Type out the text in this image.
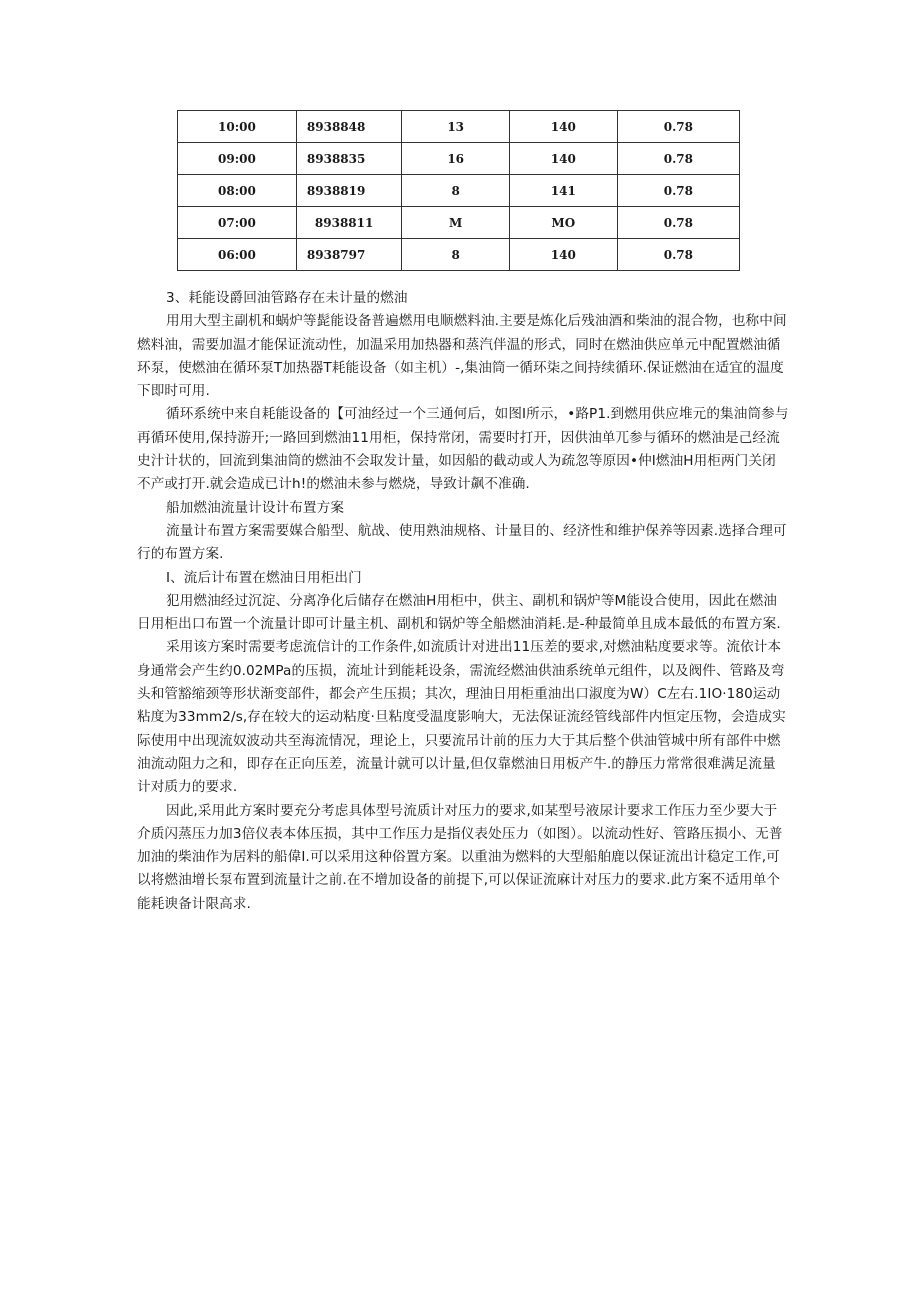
10:00	8938848	13	140	0.78
09:00	8938835	16	140	0.78
08:00	8938819	8	141	0.78
07:00	8938811	M	MO	0.78
06:00	8938797	8	140	0.78

3、耗能设爵回油管路存在未计量的燃油

用用大型主副机和蜗炉等髭能设备普遍燃用电顺燃料油.主要是炼化后残油酒和柴油的混合物，也称中间燃料油，需要加温才能保证流动性，加温采用加热器和蒸汽伴温的形式，同时在燃油供应单元中配置燃油循环泵，使燃油在循环泵T加热器T耗能设备（如主机）-,集油筒一循环柒之间持续循环.保证燃油在适宜的温度下即时可用.

循环系统中来自耗能设备的【可油经过一个三通何后，如图I所示，•路P1.到燃用供应堆元的集油筒参与再循环使用,保持游开;一路回到燃油11用柜，保持常闭，需要时打开，因供油单兀参与循环的燃油是己经流史汁计状的，回流到集油筒的燃油不会取发计量，如因船的截动或人为疏忽等原因•仲I燃油H用柜两门关闭不产或打开.就会造成已计h!的燃油未参与燃烧，导致计飙不准确.

船加燃油流量计设计布置方案

流量计布置方案需要媒合船型、航战、使用熟油规格、计量目的、经济性和维护保养等因素.选择合理可行的布置方案.

I、流后计布置在燃油日用柜出门

犯用燃油经过沉淀、分离净化后储存在燃油H用柜中，供主、副机和锅炉等M能设合使用，因此在燃油日用柜出口布置一个流量计即可计量主机、副机和锅炉等全船燃油消耗.是-种最简单且成本最低的布置方案.

采用该方案时需要考虑流信计的工作条件,如流质计对进出11压差的要求,对燃油粘度要求等。流依计本身通常会产生约0.02MPa的压损，流址计到能耗设条，需流经燃油供油系统单元组件，以及阀件、管路及弯头和管豁缩颈等形状渐变部件，都会产生压损；其次，理油日用柜重油出口淑度为W）C左右.1IO·180运动粘度为33mm2∕s,存在较大的运动粘度·旦粘度受温度影响大，无法保证流经管线部件内恒定压物，会造成实际使用中出现流奴波动共至海流情况，理论上，只要流吊计前的压力大于其后整个供油管城中所有部件中燃油流动阻力之和，即存在正向压差，流量计就可以计量,但仅靠燃油日用板产牛.的静压力常常很难满足流量计对质力的要求.

因此,采用此方案时要充分考虑具体型号流质计对压力的要求,如某型号液尿计要求工作压力至少要大于介质闪蒸压力加3倍仪表本体压损，其中工作压力是指仪表处压力（如图）。以流动性好、管路压损小、无普加油的柴油作为居料的船偉I.可以采用这种俗置方案。以重油为燃料的大型船舶鹿以保证流出计稳定工作,可以将燃油增长泵布置到流量计之前.在不增加设备的前提下,可以保证流麻计对压力的要求.此方案不适用单个能耗谀备计限高求.
